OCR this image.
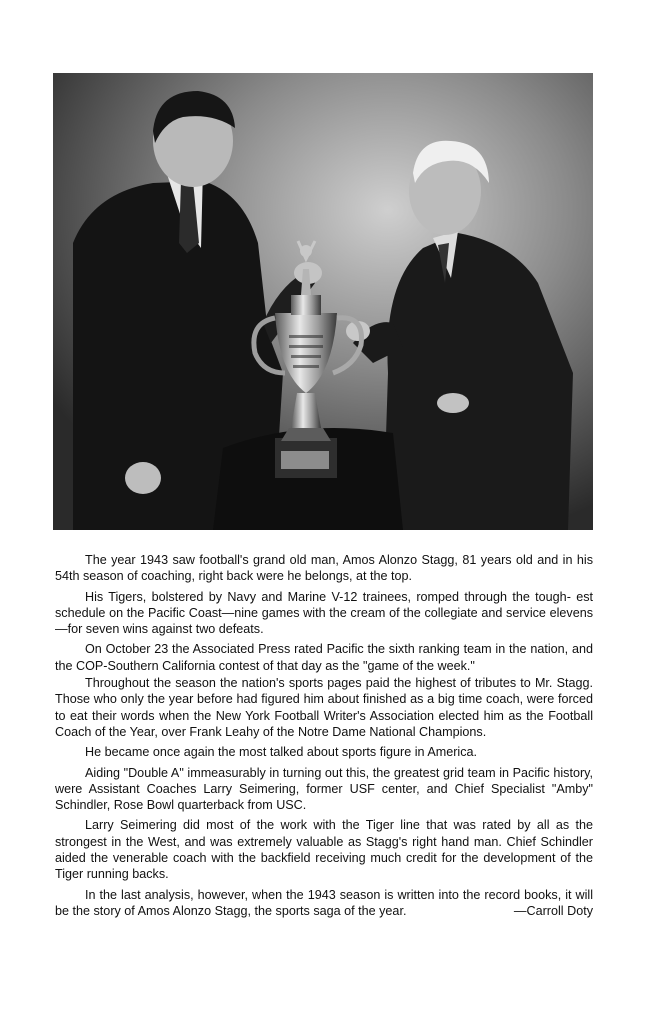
The year 1943 saw football's grand old man, Amos Alonzo Stagg, 81 years old and in his 54th season of coaching, right back were he belongs, at the top.

His Tigers, bolstered by Navy and Marine V-12 trainees, romped through the tough- est schedule on the Pacific Coast—nine games with the cream of the collegiate and service elevens—for seven wins against two defeats.

On October 23 the Associated Press rated Pacific the sixth ranking team in the nation, and the COP-Southern California contest of that day as the "game of the week."

Throughout the season the nation's sports pages paid the highest of tributes to Mr. Stagg. Those who only the year before had figured him about finished as a big time coach, were forced to eat their words when the New York Football Writer's Association elected him as the Football Coach of the Year, over Frank Leahy of the Notre Dame National Champions.

He became once again the most talked about sports figure in America.

Aiding "Double A" immeasurably in turning out this, the greatest grid team in Pacific history, were Assistant Coaches Larry Seimering, former USF center, and Chief Specialist "Amby" Schindler, Rose Bowl quarterback from USC.

Larry Seimering did most of the work with the Tiger line that was rated by all as the strongest in the West, and was extremely valuable as Stagg's right hand man. Chief Schindler aided the venerable coach with the backfield receiving much credit for the development of the Tiger running backs.

In the last analysis, however, when the 1943 season is written into the record books, it will be the story of Amos Alonzo Stagg, the sports saga of the year.	—Carroll Doty
